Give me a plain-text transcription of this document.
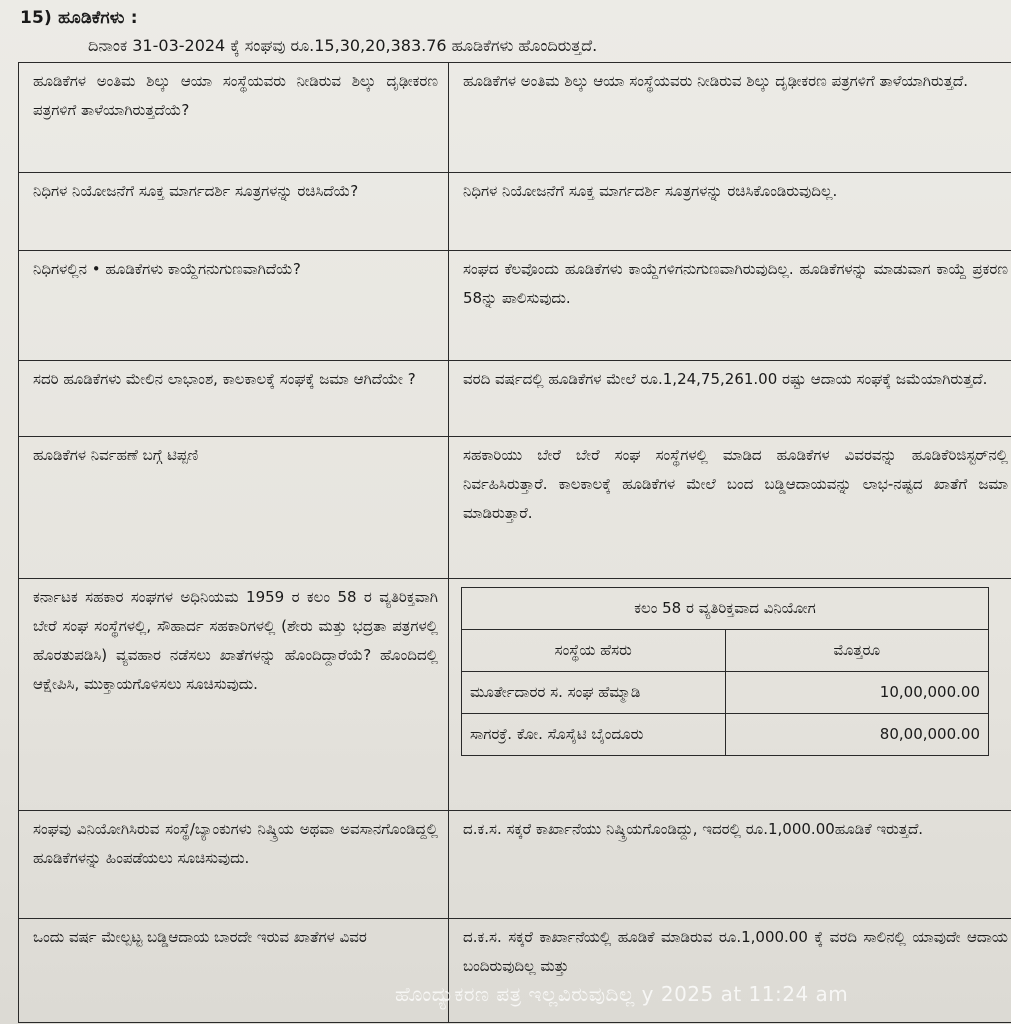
15) ಹೂಡಿಕೆಗಳು :
ದಿನಾಂಕ 31-03-2024 ಕ್ಕೆ ಸಂಘವು ರೂ.15,30,20,383.76 ಹೂಡಿಕೆಗಳು ಹೊಂದಿರುತ್ತದೆ.
ಹೂಡಿಕೆಗಳ ಅಂತಿಮ ಶಿಲ್ಕು ಆಯಾ ಸಂಸ್ಥೆಯವರು ನೀಡಿರುವ ಶಿಲ್ಕು ದೃಢೀಕರಣ ಪತ್ರಗಳಿಗೆ ತಾಳೆಯಾಗಿರುತ್ತದೆಯೆ?	ಹೂಡಿಕೆಗಳ ಅಂತಿಮ ಶಿಲ್ಕು ಆಯಾ ಸಂಸ್ಥೆಯವರು ನೀಡಿರುವ ಶಿಲ್ಕು ದೃಢೀಕರಣ ಪತ್ರಗಳಿಗೆ ತಾಳೆಯಾಗಿರುತ್ತದೆ.
ನಿಧಿಗಳ ನಿಯೋಜನೆಗೆ ಸೂಕ್ತ ಮಾರ್ಗದರ್ಶಿ ಸೂತ್ರಗಳನ್ನು ರಚಿಸಿದೆಯೆ?	ನಿಧಿಗಳ ನಿಯೋಜನೆಗೆ ಸೂಕ್ತ ಮಾರ್ಗದರ್ಶಿ ಸೂತ್ರಗಳನ್ನು ರಚಿಸಿಕೊಂಡಿರುವುದಿಲ್ಲ.
ನಿಧಿಗಳಲ್ಲಿನ • ಹೂಡಿಕೆಗಳು ಕಾಯ್ದೆಗನುಗುಣವಾಗಿದೆಯೆ?	ಸಂಘದ ಕೆಲವೊಂದು ಹೂಡಿಕೆಗಳು ಕಾಯ್ದೆಗಳಿಗನುಗುಣವಾಗಿರುವುದಿಲ್ಲ. ಹೂಡಿಕೆಗಳನ್ನು ಮಾಡುವಾಗ ಕಾಯ್ದೆ ಪ್ರಕರಣ 58ನ್ನು ಪಾಲಿಸುವುದು.
ಸದರಿ ಹೂಡಿಕೆಗಳು ಮೇಲಿನ ಲಾಭಾಂಶ, ಕಾಲಕಾಲಕ್ಕೆ ಸಂಘಕ್ಕೆ ಜಮಾ ಆಗಿದೆಯೇ ?	ವರದಿ ವರ್ಷದಲ್ಲಿ ಹೂಡಿಕೆಗಳ ಮೇಲೆ ರೂ.1,24,75,261.00 ರಷ್ಟು ಆದಾಯ ಸಂಘಕ್ಕೆ ಜಮೆಯಾಗಿರುತ್ತದೆ.
ಹೂಡಿಕೆಗಳ ನಿರ್ವಹಣೆ ಬಗ್ಗೆ ಟಿಪ್ಪಣಿ	ಸಹಕಾರಿಯು ಬೇರೆ ಬೇರೆ ಸಂಘ ಸಂಸ್ಥೆಗಳಲ್ಲಿ ಮಾಡಿದ ಹೂಡಿಕೆಗಳ ವಿವರವನ್ನು ಹೂಡಿಕೆರಿಜಿಸ್ಟರ್‌ನಲ್ಲಿ ನಿರ್ವಹಿಸಿರುತ್ತಾರೆ. ಕಾಲಕಾಲಕ್ಕೆ ಹೂಡಿಕೆಗಳ ಮೇಲೆ ಬಂದ ಬಡ್ಡಿಆದಾಯವನ್ನು ಲಾಭ-ನಷ್ಟದ ಖಾತೆಗೆ ಜಮಾ ಮಾಡಿರುತ್ತಾರೆ.
ಕರ್ನಾಟಕ ಸಹಕಾರ ಸಂಘಗಳ ಅಧಿನಿಯಮ 1959 ರ ಕಲಂ 58 ರ ವ್ಯತಿರಿಕ್ತವಾಗಿ ಬೇರೆ ಸಂಘ ಸಂಸ್ಥೆಗಳಲ್ಲಿ, ಸೌಹಾರ್ದ ಸಹಕಾರಿಗಳಲ್ಲಿ (ಶೇರು ಮತ್ತು ಭದ್ರತಾ ಪತ್ರಗಳಲ್ಲಿ ಹೊರತುಪಡಿಸಿ) ವ್ಯವಹಾರ ನಡೆಸಲು ಖಾತೆಗಳನ್ನು ಹೊಂದಿದ್ದಾರೆಯೆ? ಹೊಂದಿದಲ್ಲಿ ಆಕ್ಷೇಪಿಸಿ, ಮುಕ್ತಾಯಗೊಳಿಸಲು ಸೂಚಿಸುವುದು.	
ಕಲಂ 58 ರ ವ್ಯತಿರಿಕ್ತವಾದ ವಿನಿಯೋಗ
ಸಂಸ್ಥೆಯ ಹೆಸರು	ಮೊತ್ತರೂ
ಮೂರ್ತೇದಾರರ ಸ. ಸಂಘ ಹೆಮ್ಮಾಡಿ	10,00,000.00
ಸಾಗರಕ್ರೆ. ಕೋ. ಸೊಸೈಟಿ ಬೈಂದೂರು	80,00,000.00

ಸಂಘವು ವಿನಿಯೋಗಿಸಿರುವ ಸಂಸ್ಥೆ/ಬ್ಯಾಂಕುಗಳು ನಿಷ್ಕ್ರಿಯ ಅಥವಾ ಅವಸಾನಗೊಂಡಿದ್ದಲ್ಲಿ ಹೂಡಿಕೆಗಳನ್ನು ಹಿಂಪಡೆಯಲು ಸೂಚಿಸುವುದು.	ದ.ಕ.ಸ. ಸಕ್ಕರೆ ಕಾರ್ಖಾನೆಯು ನಿಷ್ಕ್ರಿಯಗೊಂಡಿದ್ದು, ಇದರಲ್ಲಿ ರೂ.1,000.00ಹೂಡಿಕೆ ಇರುತ್ತದೆ.
ಒಂದು ವರ್ಷ ಮೇಲ್ಪಟ್ಟ ಬಡ್ಡಿಆದಾಯ ಬಾರದೇ ಇರುವ ಖಾತೆಗಳ ವಿವರ	ದ.ಕ.ಸ. ಸಕ್ಕರೆ ಕಾರ್ಖಾನೆಯಲ್ಲಿ ಹೂಡಿಕೆ ಮಾಡಿರುವ ರೂ.1,000.00 ಕ್ಕೆ ವರದಿ ಸಾಲಿನಲ್ಲಿ ಯಾವುದೇ ಆದಾಯ ಬಂದಿರುವುದಿಲ್ಲ ಮತ್ತು
ಹೊಂದ್ಯುಕರಣ ಪತ್ರ ಇಲ್ಲವಿರುವುದಿಲ್ಲ y 2025 at 11:24 am
